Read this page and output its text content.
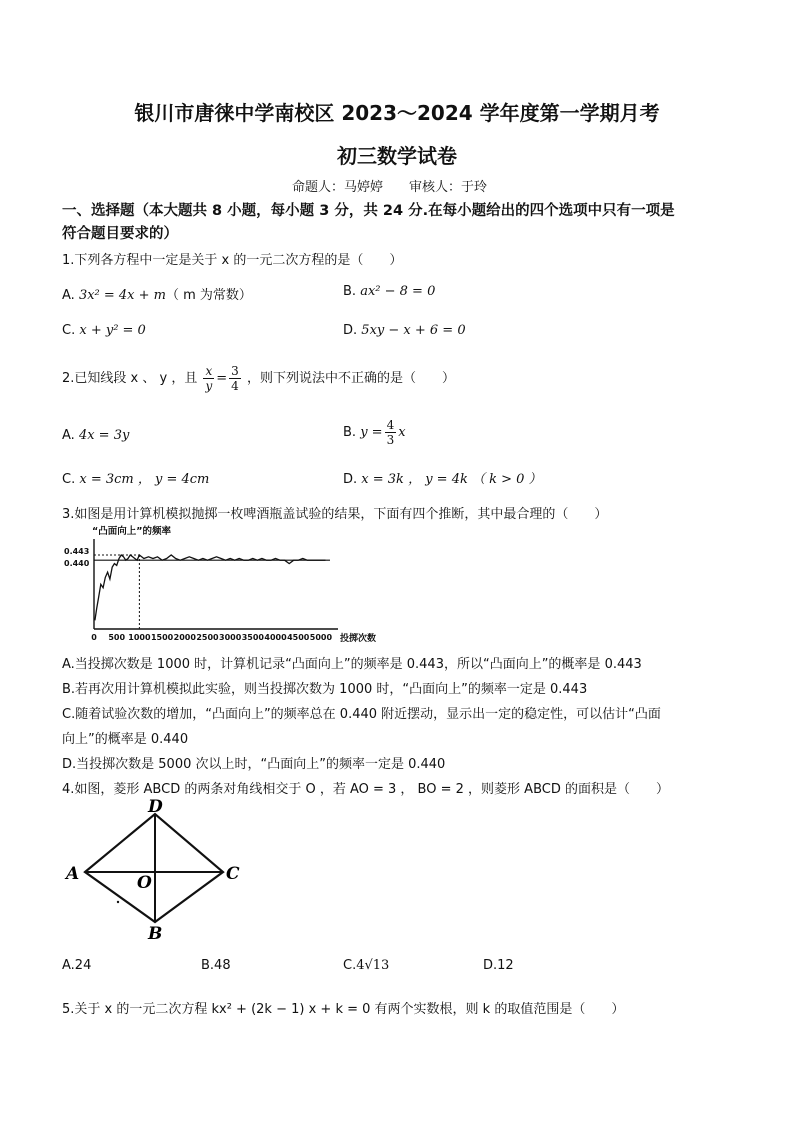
银川市唐徕中学南校区 2023～2024 学年度第一学期月考
初三数学试卷
命题人：马婷婷　　审核人：于玲
一、选择题（本大题共 8 小题，每小题 3 分，共 24 分.在每小题给出的四个选项中只有一项是
符合题目要求的）
1.下列各方程中一定是关于 x 的一元二次方程的是（　　）
A. 3x² = 4x + m（ m 为常数）	B. ax² − 8 = 0
C. x + y² = 0	D. 5xy − x + 6 = 0
2.已知线段 x 、 y ，且 $\frac{x}{y} = \frac{3}{4}$ ，则下列说法中不正确的是（　　）
A. 4x = 3y	B. $y = \frac{4}{3}$ x
C. x = 3cm ， y = 4cm	D. x = 3k ， y = 4k （ k > 0 ）
3.如图是用计算机模拟抛掷一枚啤酒瓶盖试验的结果，下面有四个推断，其中最合理的（　　）
“凸面向上”的频率
0.443
0.440
0 500 1000 1500 2000 2500 3000 3500 4000 4500 5000 投掷次数
A.当投掷次数是 1000 时，计算机记录“凸面向上”的频率是 0.443，所以“凸面向上”的概率是 0.443
B.若再次用计算机模拟此实验，则当投掷次数为 1000 时，“凸面向上”的频率一定是 0.443
C.随着试验次数的增加，“凸面向上”的频率总在 0.440 附近摆动，显示出一定的稳定性，可以估计“凸面
向上”的概率是 0.440
D.当投掷次数是 5000 次以上时，“凸面向上”的频率一定是 0.440
4.如图，菱形 ABCD 的两条对角线相交于 O ，若 AO = 3 ， BO = 2 ，则菱形 ABCD 的面积是（　　）
D
A	C
O
B
A.24	B.48	C.4√13	D.12
5.关于 x 的一元二次方程 kx² + (2k − 1) x + k = 0 有两个实数根，则 k 的取值范围是（　　）
